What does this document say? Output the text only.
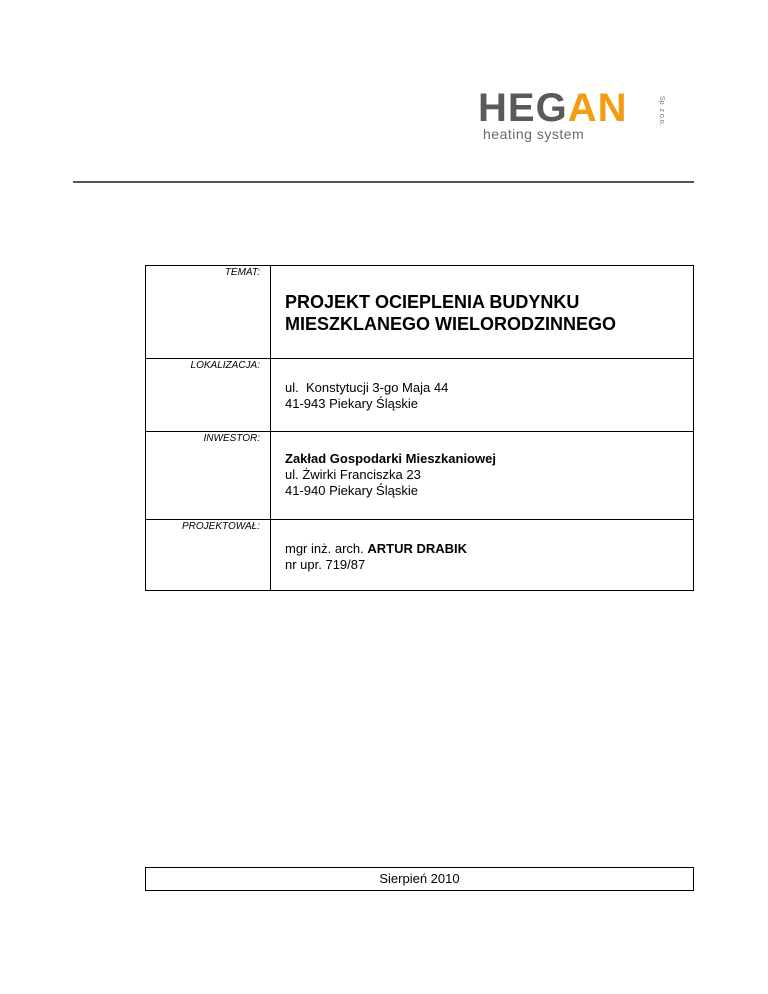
HEGAN
heating system
Sp. z o.o.
TEMAT:	PROJEKT OCIEPLENIA BUDYNKU
MIESZKLANEGO WIELORODZINNEGO

LOKALIZACJA:	ul.  Konstytucji 3-go Maja 44
41-943 Piekary Śląskie

INWESTOR:	Zakład Gospodarki Mieszkaniowej
ul. Żwirki Franciszka 23
41-940 Piekary Śląskie

PROJEKTOWAŁ:	mgr inż. arch. ARTUR DRABIK
nr upr. 719/87
Sierpień 2010
